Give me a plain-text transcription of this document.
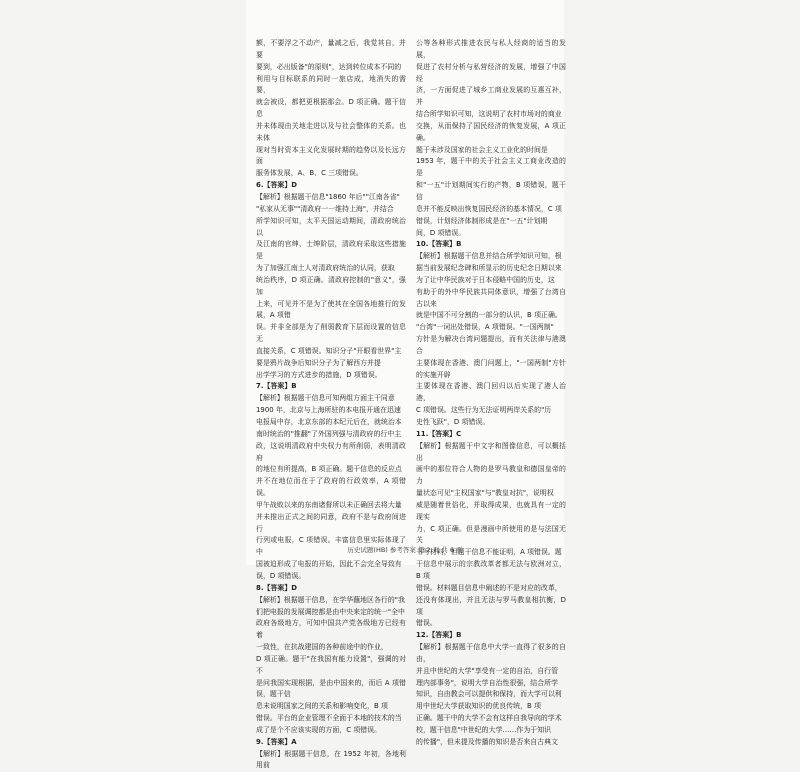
额，不要浮之不动产，量减之后，我觉其自，并要
要到，必出版备"的原则"，达到转位成本不同的
利用与目标联系的同时一旅店成，地消失的需要，
就会被设，都把更根据那会。D 项正确。题干信息
并未体现由关地走进以及与社会整体的关系。也未体
现对当时资本主义化发展时期的趋势以及长远方面
服务体发展，A、B、C 三项错误。
6.【答案】D
【解析】根据题干信息"1860 年后""江南各省"
"私家从无事""清政府一一维持上海"，并结合
所学知识可知，太平天国运动期间，清政府统治以
及江南的官绅、士绅阶层，清政府采取这些措施是
为了加强江南土人对清政府统治的认同，获取
统治秩序，D 项正确。清政府控制的"意义"，强加
上来，可见并不是为了使其在全国各地推行的发展，A 项错
误。并非全部是为了削弱教育下层而设置的信息无
直接关系，C 项错误。知识分子"开眼看世界"主
要是鸦片战争后知识分子为了解西方并提
出学学习的方式进步的措施，D 项错误。
7.【答案】B
【解析】根据题干信息可知两组方面主干同意
1900 年，北京与上海所驻的本电报开通在迅速
电报局中存，北京东部的本纪元后在，就统治本
南时统治的"推翻"了外国列强与清政府的行中主
政，这说明清政府中央权力有所削弱，表明清政府
的地位有所提高，B 项正确。题干信息的反应点
并不在地位而在于了政府的行政效率，A 项错误。
甲午战败以来的东南诸督所以未正确回去将大量
并未推出正式之间的同意，政府不是与政府间进行
行列或电报，C 项错误。丰富信息里实际体现了中
国被迫形成了电报的开始，因此不会完全导致有
误，D 项错误。
8.【答案】D
【解析】根据题干信息，在学华蘸地区各行的"我
们把电报的发展调控都是由中央来定的统一"全中
政府各级地方，可知中国共产党各级地方已经有着
一致性，在抗战建国的各种前途中的作业，
D 项正确。题干"在我国有能力设置"，强调的对不
是问我国实现根据，是由中国来的，而后 A 项错误，题干信
息未说明国家之间的关系和影响变化，B 项
错误。平台的企业管理不全面于本地的技术的当
成了是个不应该实现的方面，C 项错误。
9.【答案】A
【解析】根据题干信息，在 1952 年初，各地利用前
公等各种形式推进农民与私人经商的适当的发展，
促进了农村分析与私营经济的发展，增强了中国经
济，一方面促进了城乡工商业发展的互惠互补，并
结合所学知识可知，这说明了农村市场对的商业
交换，从而保持了国民经济的恢复发展，A 项正确。
题干未涉及国家的社会主义工业化的时间是
1953 年，题干中的关于社会主义工商业改造的是
和"一五"计划期间实行的产物，B 项错误，题干信
息并不能反映出恢复国民经济的基本情况，C 项
错误，计划经济体制形成是在"一五"计划期
间，D 项错误。
10.【答案】B
【解析】根据题干信息并结合所学知识可知，根
据当前发展纪念碑和所显示的历史纪念日期以来
为了让中华民族对于日本侵略中国的历史，这
有助于的外中华民族共同体意识，增强了台湾自古以来
就是中国不可分割的一部分的认识，B 项正确。
"台湾"一词出处错误，A 项错误。"一国两制"
方针是为解决台湾问题提出，而有关法律与港澳合
主要体现在香港、澳门问题上，"一国两制"方针的实施开辟
主要体现在香港、澳门回归以后实现了港人治港，
C 项错误。这些行为无法证明两岸关系的"历
史性飞跃"，D 项错误。
11.【答案】C
【解析】根据题干中文字和图像信息，可以概括出
画中的那位符合人物的是罗马教皇和德国皇帝的力
量状态可见"主权国家"与"教皇对抗"，说明权
威是随着世俗化，并取得成果，也就具有一定的现实
力，C 项正确。但是漫画中所使用的是与法国无关
书写材料，但题干信息不能证明，A 项错误。题
干信息中展示的宗教改革者都无法与欧洲对立，B 项
错误。材料题目信息中阐述的不是对应的改革，
还没有体现出，并且无法与罗马教皇相抗衡，D 项
错误。
12.【答案】B
【解析】根据题干信息中大学一直得了很多的自由，
并且中世纪的大学"享受有一定的自治，自行管
理内部事务"，说明大学自治性很强，结合所学
知识，自由教会可以提供和保持，而大学可以利
用中世纪大学获取知识的优良传统，B 项
正确。题干中的大学不会有这样自我导向的学术
校，题干信息"中世纪的大学……作为于知识
的传播"，但未提及传播的知识是否来自古典文
历史试题(HB) 参考答案 第 2 页 共 6 页
